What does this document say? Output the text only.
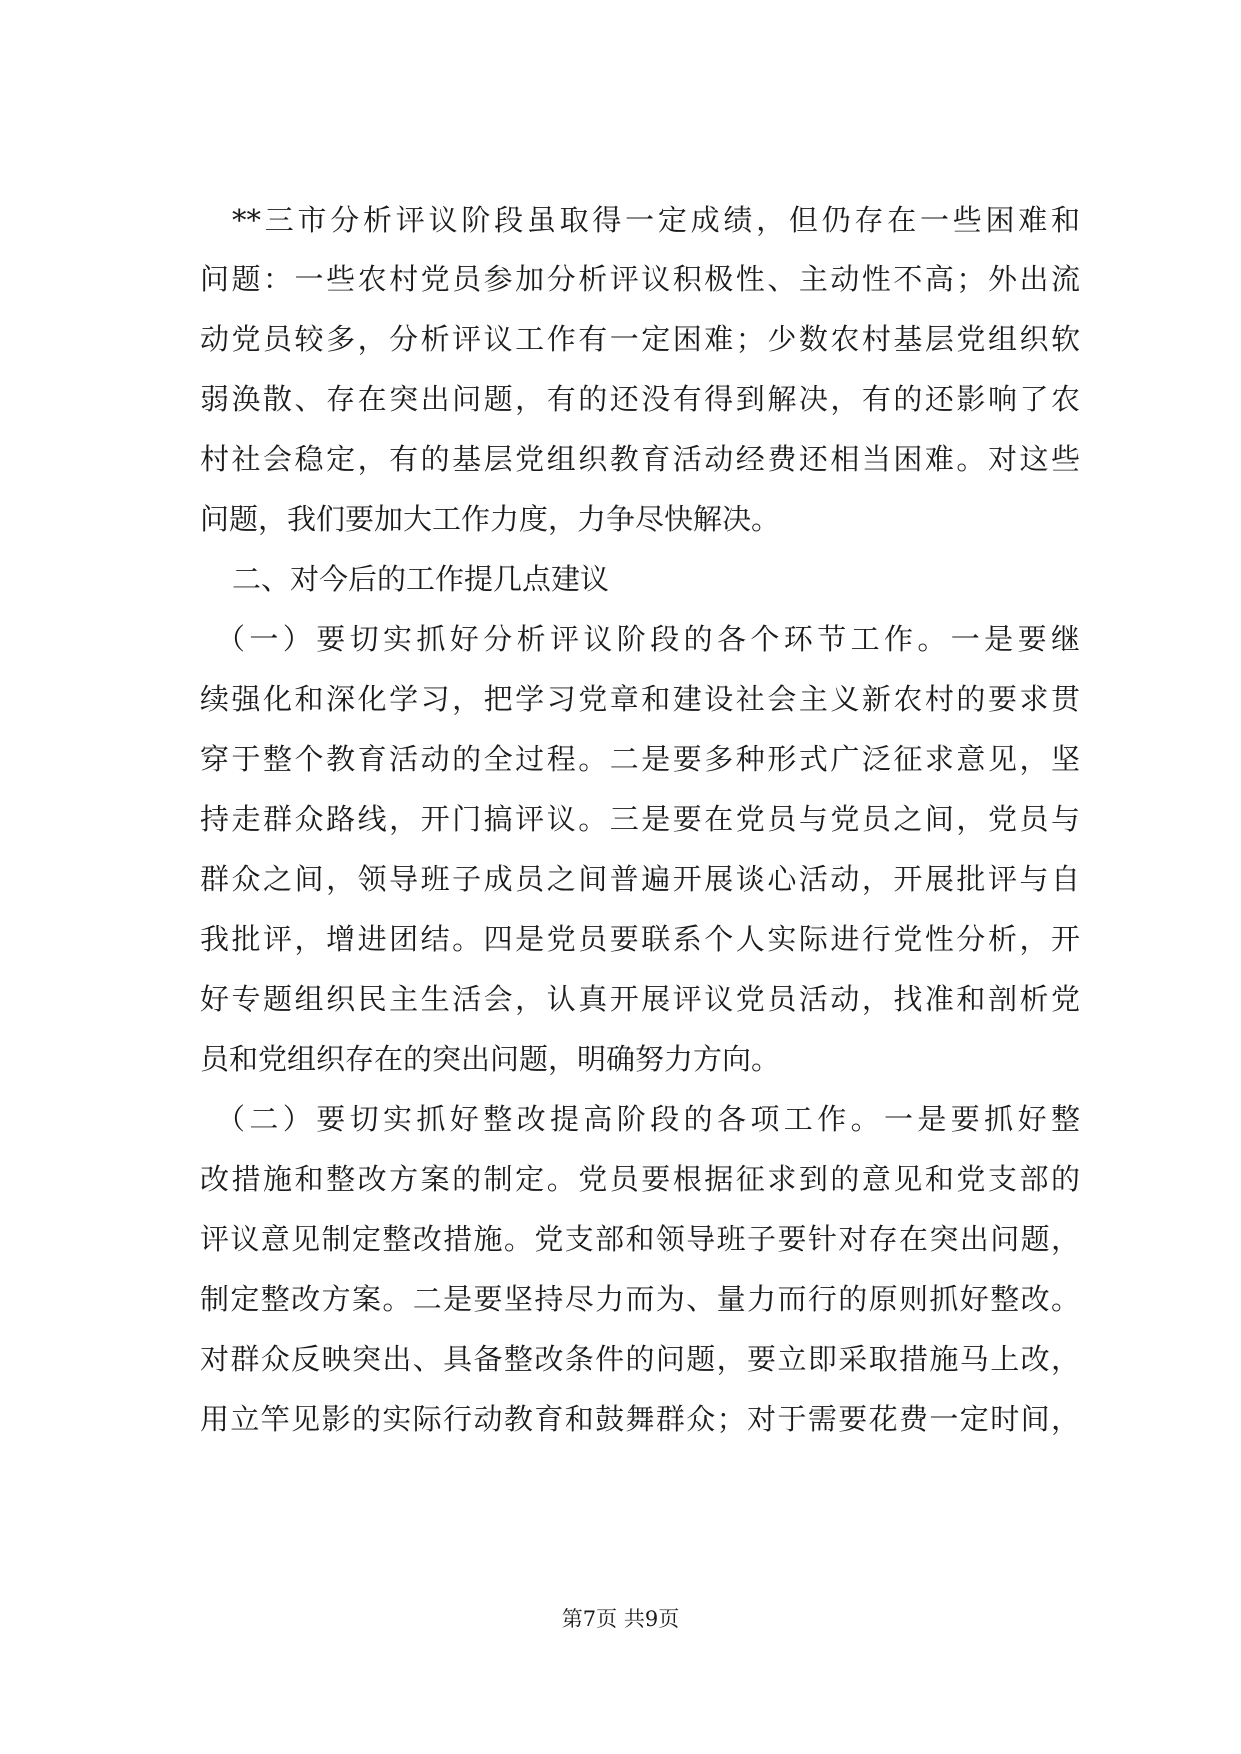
**三市分析评议阶段虽取得一定成绩，但仍存在一些困难和
问题：一些农村党员参加分析评议积极性、主动性不高；外出流
动党员较多，分析评议工作有一定困难；少数农村基层党组织软
弱涣散、存在突出问题，有的还没有得到解决，有的还影响了农
村社会稳定，有的基层党组织教育活动经费还相当困难。对这些
问题，我们要加大工作力度，力争尽快解决。
二、对今后的工作提几点建议
（一）要切实抓好分析评议阶段的各个环节工作。一是要继
续强化和深化学习，把学习党章和建设社会主义新农村的要求贯
穿于整个教育活动的全过程。二是要多种形式广泛征求意见，坚
持走群众路线，开门搞评议。三是要在党员与党员之间，党员与
群众之间，领导班子成员之间普遍开展谈心活动，开展批评与自
我批评，增进团结。四是党员要联系个人实际进行党性分析，开
好专题组织民主生活会，认真开展评议党员活动，找准和剖析党
员和党组织存在的突出问题，明确努力方向。
（二）要切实抓好整改提高阶段的各项工作。一是要抓好整
改措施和整改方案的制定。党员要根据征求到的意见和党支部的
评议意见制定整改措施。党支部和领导班子要针对存在突出问题，
制定整改方案。二是要坚持尽力而为、量力而行的原则抓好整改。
对群众反映突出、具备整改条件的问题，要立即采取措施马上改，
用立竿见影的实际行动教育和鼓舞群众；对于需要花费一定时间，
第7页 共9页
